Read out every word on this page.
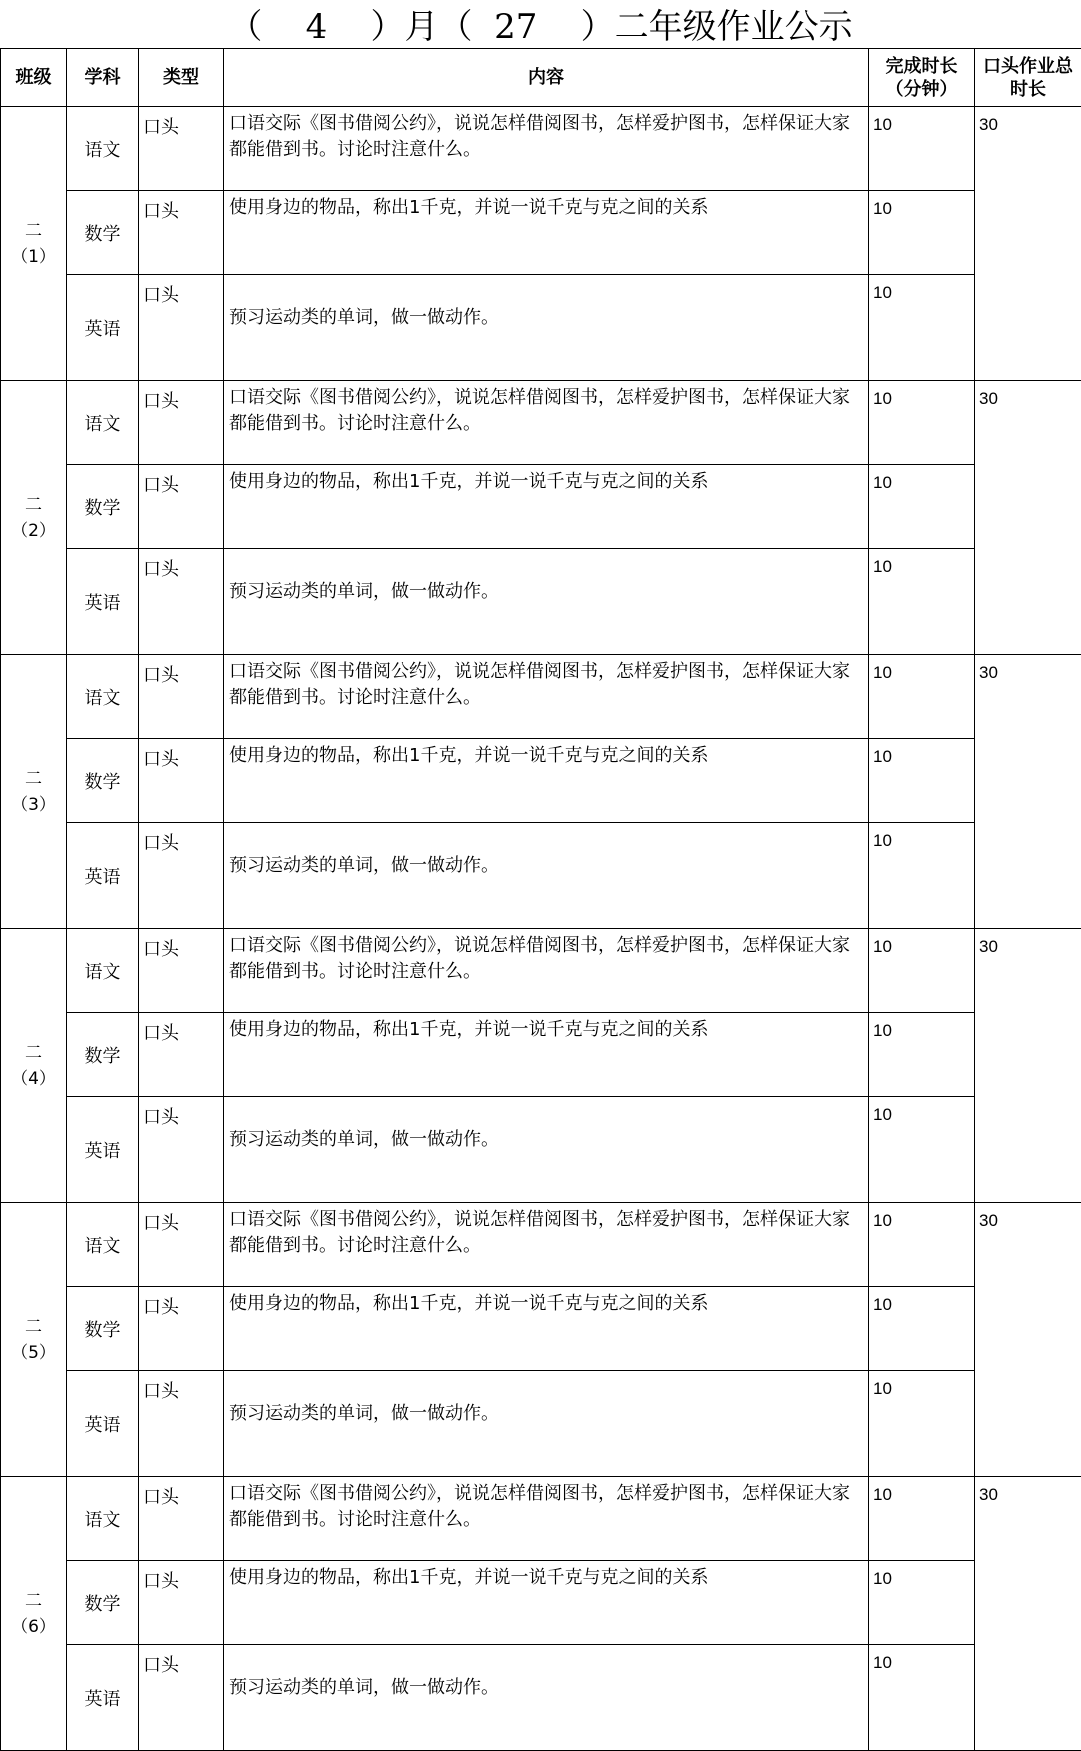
（    4    ）月（  27    ）二年级作业公示
班级	学科	类型	内容	完成时长（分钟）	口头作业总时长

二
（1）	语文	口头	口语交际《图书借阅公约》，说说怎样借阅图书，怎样爱护图书，怎样保证大家都能借到书。讨论时注意什么。	10	30
	数学	口头	使用身边的物品，称出1千克，并说一说千克与克之间的关系	10	
	英语	口头	预习运动类的单词，做一做动作。	10	

二
（2）	语文	口头	口语交际《图书借阅公约》，说说怎样借阅图书，怎样爱护图书，怎样保证大家都能借到书。讨论时注意什么。	10	30
	数学	口头	使用身边的物品，称出1千克，并说一说千克与克之间的关系	10	
	英语	口头	预习运动类的单词，做一做动作。	10	

二
（3）	语文	口头	口语交际《图书借阅公约》，说说怎样借阅图书，怎样爱护图书，怎样保证大家都能借到书。讨论时注意什么。	10	30
	数学	口头	使用身边的物品，称出1千克，并说一说千克与克之间的关系	10	
	英语	口头	预习运动类的单词，做一做动作。	10	

二
（4）	语文	口头	口语交际《图书借阅公约》，说说怎样借阅图书，怎样爱护图书，怎样保证大家都能借到书。讨论时注意什么。	10	30
	数学	口头	使用身边的物品，称出1千克，并说一说千克与克之间的关系	10	
	英语	口头	预习运动类的单词，做一做动作。	10	

二
（5）	语文	口头	口语交际《图书借阅公约》，说说怎样借阅图书，怎样爱护图书，怎样保证大家都能借到书。讨论时注意什么。	10	30
	数学	口头	使用身边的物品，称出1千克，并说一说千克与克之间的关系	10	
	英语	口头	预习运动类的单词，做一做动作。	10	

二
（6）	语文	口头	口语交际《图书借阅公约》，说说怎样借阅图书，怎样爱护图书，怎样保证大家都能借到书。讨论时注意什么。	10	30
	数学	口头	使用身边的物品，称出1千克，并说一说千克与克之间的关系	10	
	英语	口头	预习运动类的单词，做一做动作。	10	
